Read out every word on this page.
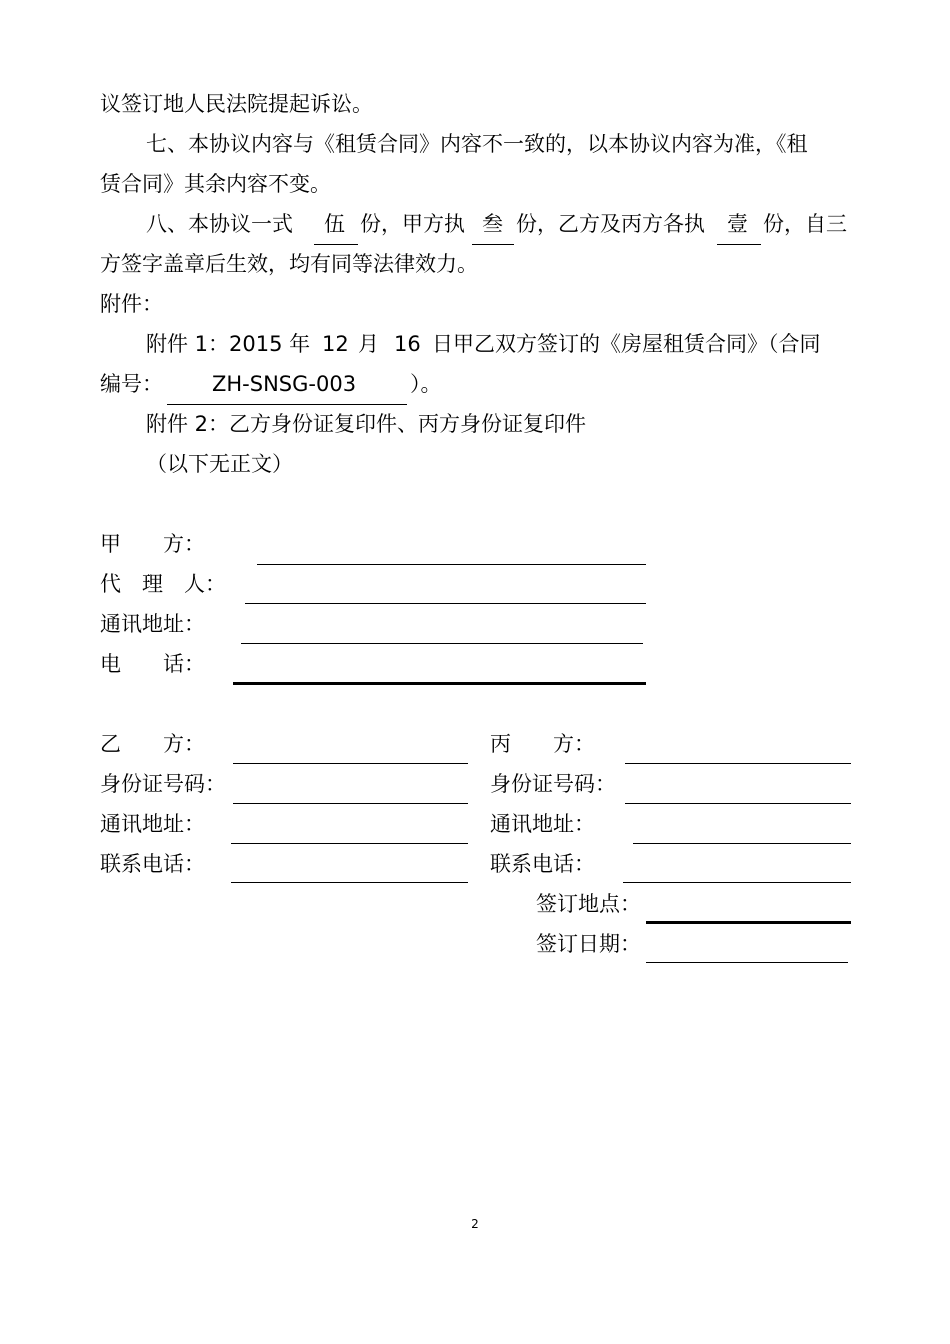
议签订地人民法院提起诉讼。
七、本协议内容与《租赁合同》内容不一致的，以本协议内容为准，《租
赁合同》其余内容不变。
八、本协议一式 伍 份，甲方执 叁 份，乙方及丙方各执 壹 份，自三
方签字盖章后生效，均有同等法律效力。
附件：
附件 1：2015 年 12 月 16 日甲乙双方签订的《房屋租赁合同》（合同
编号： ZH-SNSG-003	）。
附件 2：乙方身份证复印件、丙方身份证复印件
（以下无正文）
甲　　方：
代　理　人：
通讯地址：
电　　话：
乙　　方：
身份证号码：
通讯地址：
联系电话：
丙　　方：
身份证号码：
通讯地址：
联系电话：
签订地点：
签订日期：
2
